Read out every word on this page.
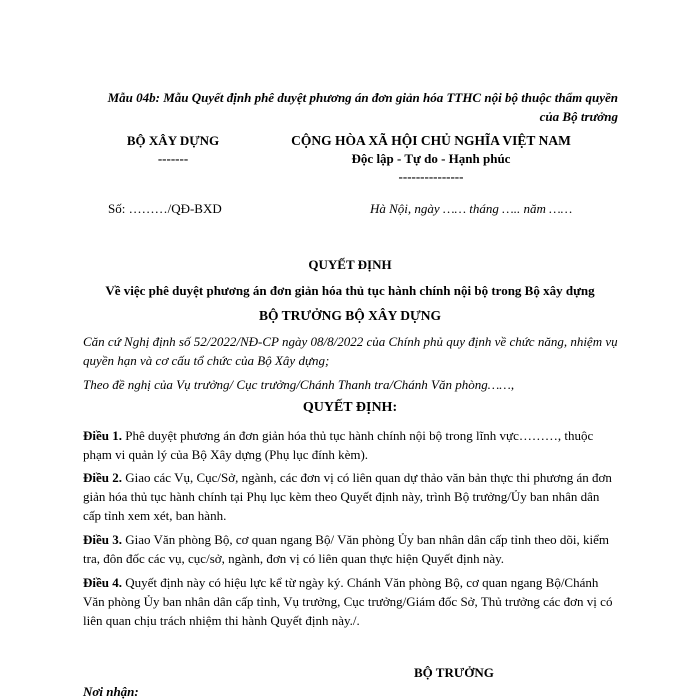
Mẫu 04b: Mẫu Quyết định phê duyệt phương án đơn giản hóa TTHC nội bộ thuộc thẩm quyền của Bộ trưởng
BỘ XÂY DỰNG
-------
CỘNG HÒA XÃ HỘI CHỦ NGHĨA VIỆT NAM
Độc lập - Tự do - Hạnh phúc
---------------
Số: ………/QĐ-BXD	Hà Nội, ngày …… tháng ….. năm ……
QUYẾT ĐỊNH
Về việc phê duyệt phương án đơn giản hóa thủ tục hành chính nội bộ trong Bộ xây dựng
BỘ TRƯỞNG BỘ XÂY DỰNG
Căn cứ Nghị định số 52/2022/NĐ-CP ngày 08/8/2022 của Chính phủ quy định về chức năng, nhiệm vụ quyền hạn và cơ cấu tổ chức của Bộ Xây dựng;
Theo đề nghị của Vụ trưởng/ Cục trưởng/Chánh Thanh tra/Chánh Văn phòng……,
QUYẾT ĐỊNH:
Điều 1. Phê duyệt phương án đơn giản hóa thủ tục hành chính nội bộ trong lĩnh vực………, thuộc phạm vi quản lý của Bộ Xây dựng (Phụ lục đính kèm).
Điều 2. Giao các Vụ, Cục/Sở, ngành, các đơn vị có liên quan dự thảo văn bản thực thi phương án đơn giản hóa thủ tục hành chính tại Phụ lục kèm theo Quyết định này, trình Bộ trưởng/Ủy ban nhân dân cấp tỉnh xem xét, ban hành.
Điều 3. Giao Văn phòng Bộ, cơ quan ngang Bộ/ Văn phòng Ủy ban nhân dân cấp tỉnh theo dõi, kiểm tra, đôn đốc các vụ, cục/sở, ngành, đơn vị có liên quan thực hiện Quyết định này.
Điều 4. Quyết định này có hiệu lực kể từ ngày ký. Chánh Văn phòng Bộ, cơ quan ngang Bộ/Chánh Văn phòng Ủy ban nhân dân cấp tỉnh, Vụ trưởng, Cục trưởng/Giám đốc Sở, Thủ trưởng các đơn vị có liên quan chịu trách nhiệm thi hành Quyết định này./.
BỘ TRƯỞNG
Nơi nhận:
